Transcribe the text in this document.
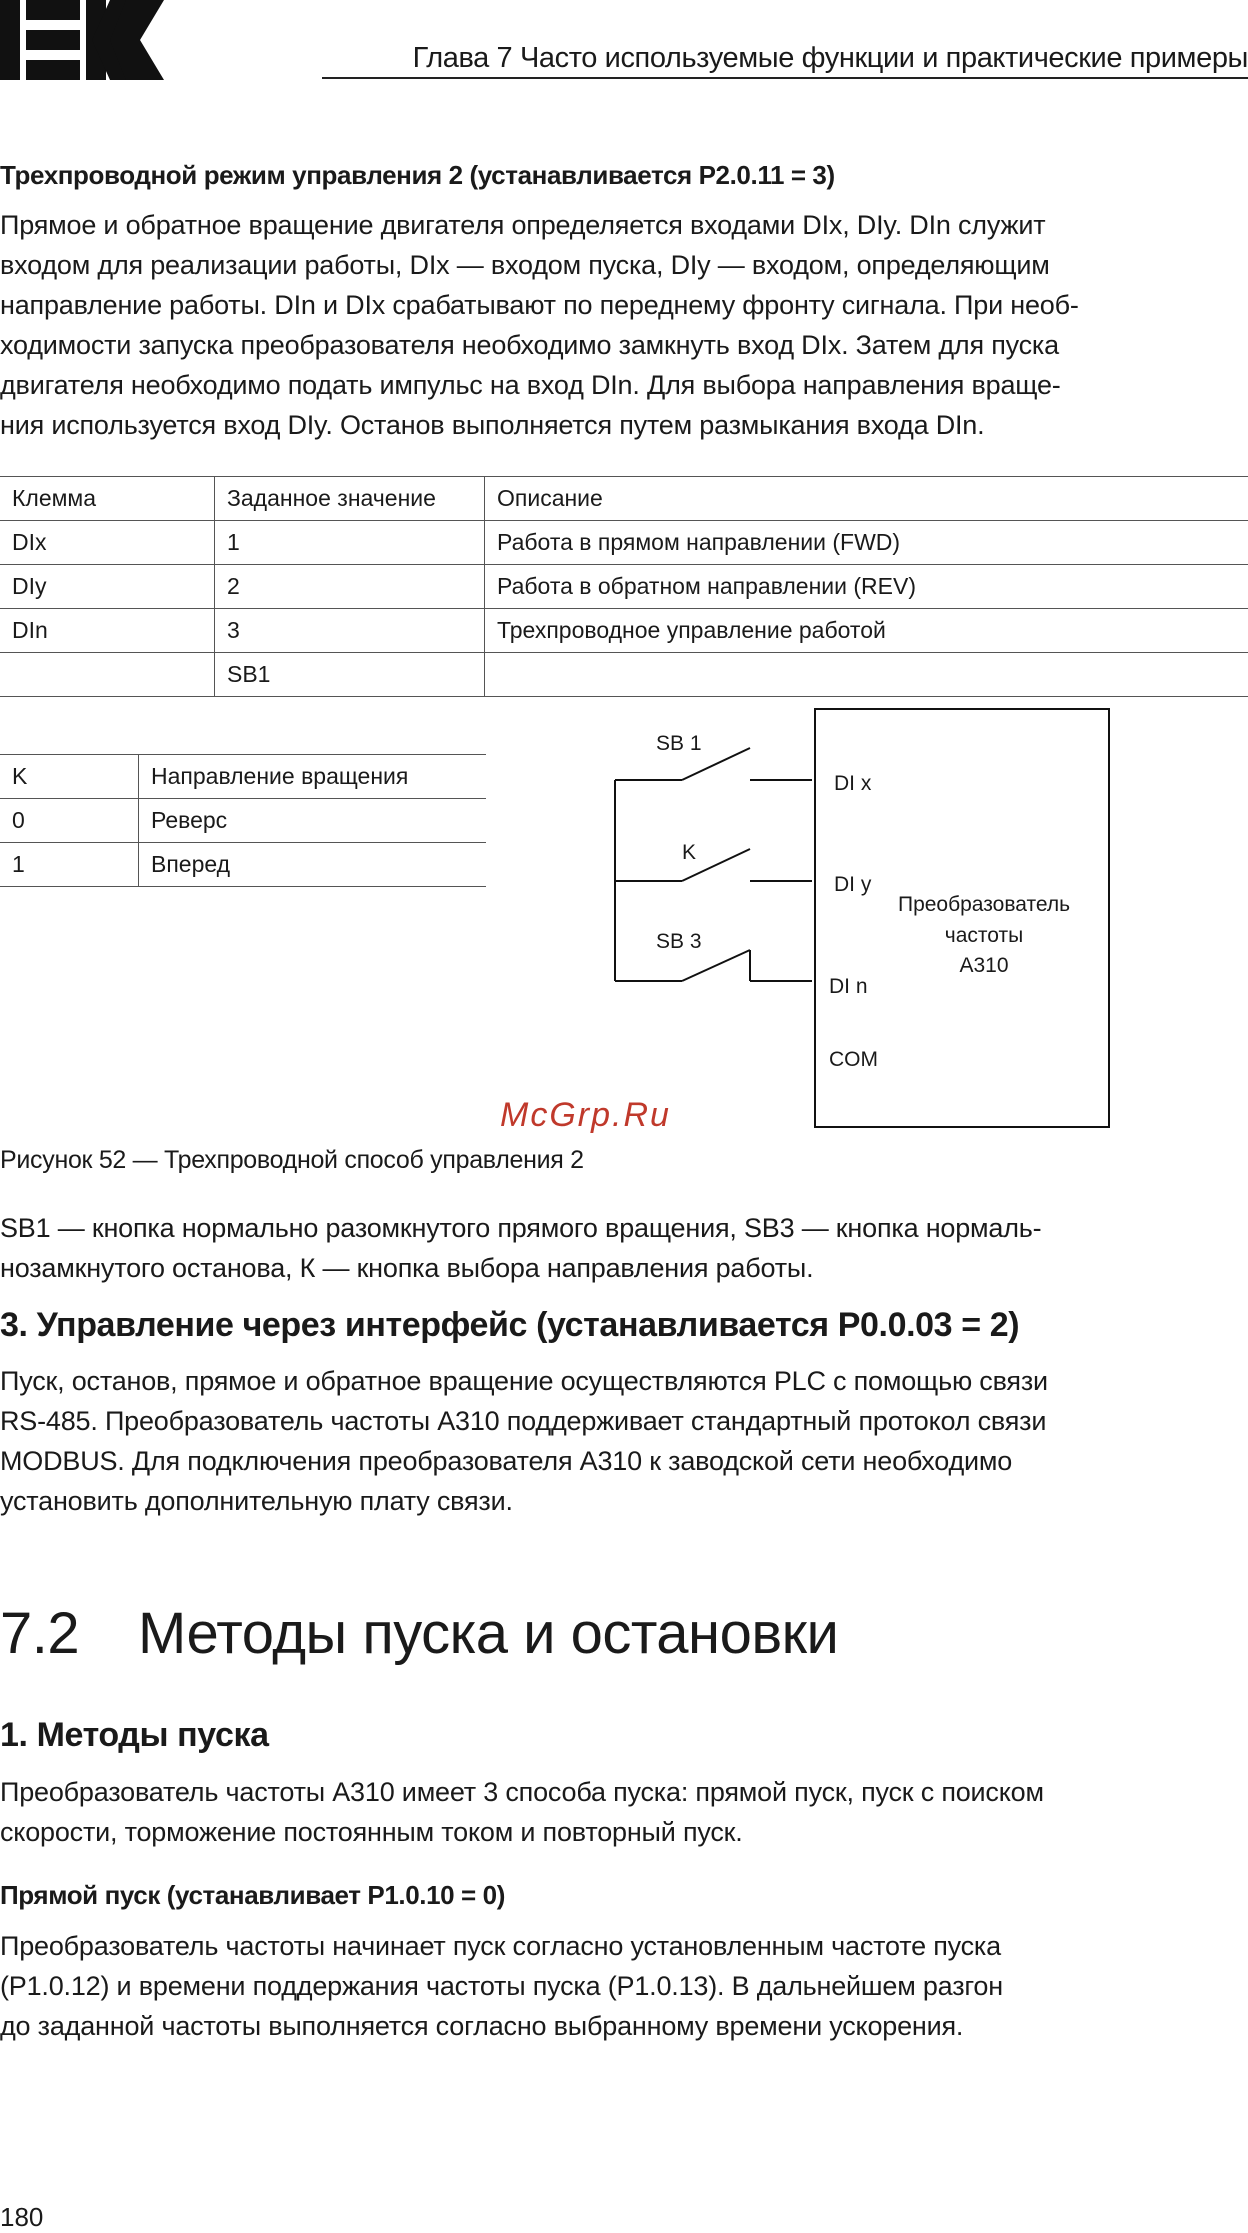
Глава 7 Часто используемые функции и практические примеры
Трехпроводной режим управления 2 (устанавливается P2.0.11 = 3)
Прямое и обратное вращение двигателя определяется входами DIx, DIy. DIn служит
входом для реализации работы, DIx — входом пуска, DIy — входом, определяющим
направление работы. DIn и DIx срабатывают по переднему фронту сигнала. При необ-
ходимости запуска преобразователя необходимо замкнуть вход DIx. Затем для пуска
двигателя необходимо подать импульс на вход DIn. Для выбора направления враще-
ния используется вход DIy. Останов выполняется путем размыкания входа DIn.
Клемма	Заданное значение	Описание
DIx	1	Работа в прямом направлении (FWD)
DIy	2	Работа в обратном направлении (REV)
DIn	3	Трехпроводное управление работой
	SB1	
K	Направление вращения
0	Реверс
1	Вперед
SB 1
K
SB 3
DI x
DI y
DI n
COM
Преобразователь
частоты
A310
McGrp.Ru
Рисунок 52 — Трехпроводной способ управления 2
SB1 — кнопка нормально разомкнутого прямого вращения, SB3 — кнопка нормаль-
нозамкнутого останова, К — кнопка выбора направления работы.
3. Управление через интерфейс (устанавливается P0.0.03 = 2)
Пуск, останов, прямое и обратное вращение осуществляются PLC с помощью связи
RS-485. Преобразователь частоты A310 поддерживает стандартный протокол связи
MODBUS. Для подключения преобразователя A310 к заводской сети необходимо
установить дополнительную плату связи.
7.2 Методы пуска и остановки
1. Методы пуска
Преобразователь частоты A310 имеет 3 способа пуска: прямой пуск, пуск с поиском
скорости, торможение постоянным током и повторный пуск.
Прямой пуск (устанавливает P1.0.10 = 0)
Преобразователь частоты начинает пуск согласно установленным частоте пуска
(P1.0.12) и времени поддержания частоты пуска (P1.0.13). В дальнейшем разгон
до заданной частоты выполняется согласно выбранному времени ускорения.
180
